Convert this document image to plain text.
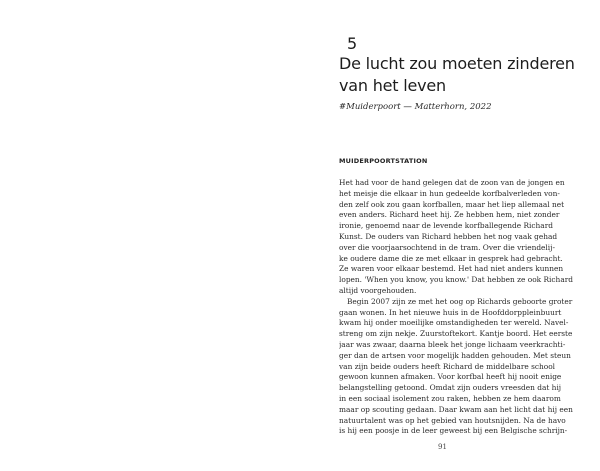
5
De lucht zou moeten zinderen
van het leven
#Muiderpoort — Matterhorn, 2022
MUIDERPOORTSTATION
Het had voor de hand gelegen dat de zoon van de jongen en
het meisje die elkaar in hun gedeelde korfbalverleden von-
den zelf ook zou gaan korfballen, maar het liep allemaal net
even anders. Richard heet hij. Ze hebben hem, niet zonder
ironie, genoemd naar de levende korfballegende Richard
Kunst. De ouders van Richard hebben het nog vaak gehad
over die voorjaarsochtend in de tram. Over die vriendelij-
ke oudere dame die ze met elkaar in gesprek had gebracht.
Ze waren voor elkaar bestemd. Het had niet anders kunnen
lopen. 'When you know, you know.' Dat hebben ze ook Richard
altijd voorgehouden.
Begin 2007 zijn ze met het oog op Richards geboorte groter
gaan wonen. In het nieuwe huis in de Hoofddorppleinbuurt
kwam hij onder moeilijke omstandigheden ter wereld. Navel-
streng om zijn nekje. Zuurstoftekort. Kantje boord. Het eerste
jaar was zwaar, daarna bleek het jonge lichaam veerkrachti-
ger dan de artsen voor mogelijk hadden gehouden. Met steun
van zijn beide ouders heeft Richard de middelbare school
gewoon kunnen afmaken. Voor korfbal heeft hij nooit enige
belangstelling getoond. Omdat zijn ouders vreesden dat hij
in een sociaal isolement zou raken, hebben ze hem daarom
maar op scouting gedaan. Daar kwam aan het licht dat hij een
natuurtalent was op het gebied van houtsnijden. Na de havo
is hij een poosje in de leer geweest bij een Belgische schrijn-
91
